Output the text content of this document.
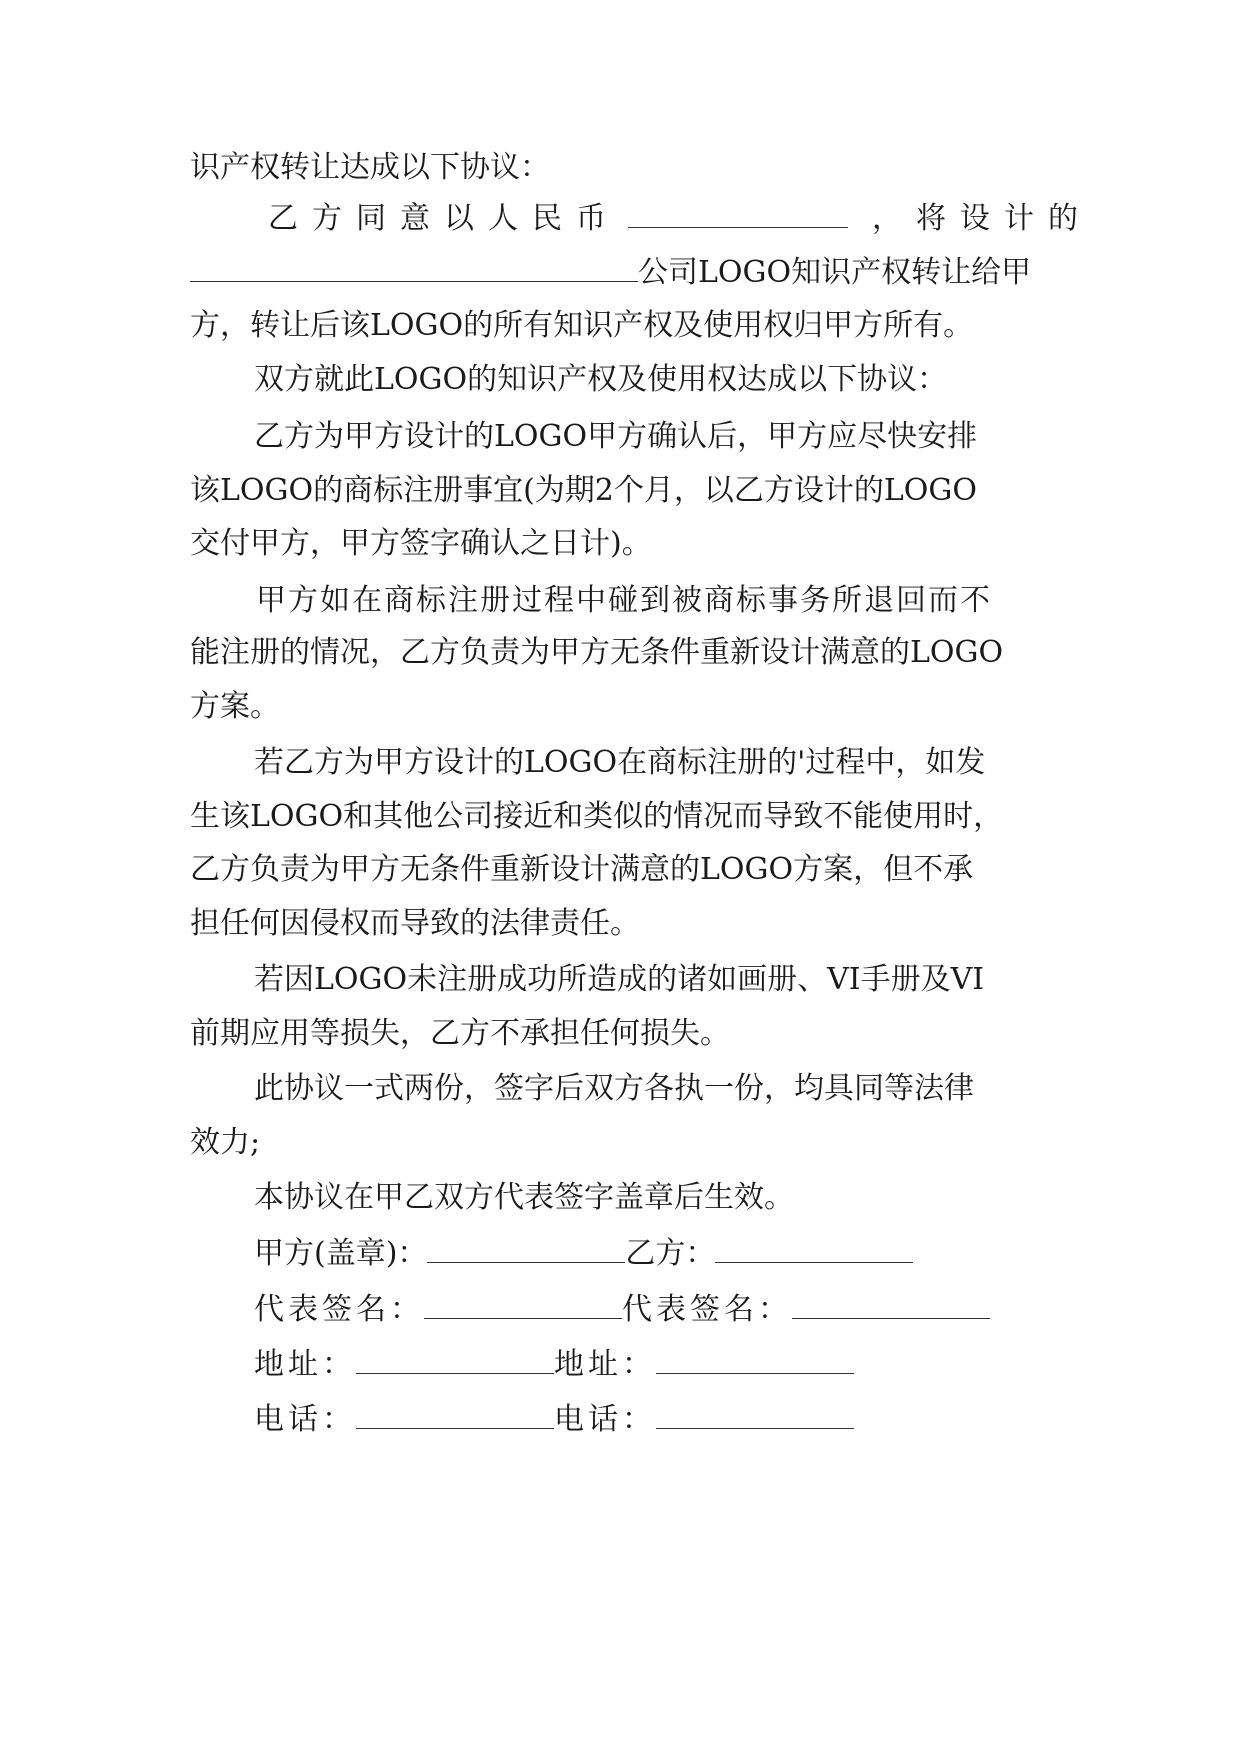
识产权转让达成以下协议：
乙方同意以人民币	，将设计的
公司LOGO知识产权转让给甲
方，转让后该LOGO的所有知识产权及使用权归甲方所有。
双方就此LOGO的知识产权及使用权达成以下协议：
乙方为甲方设计的LOGO甲方确认后，甲方应尽快安排
该LOGO的商标注册事宜(为期2个月，以乙方设计的LOGO
交付甲方，甲方签字确认之日计)。
甲方如在商标注册过程中碰到被商标事务所退回而不
能注册的情况，乙方负责为甲方无条件重新设计满意的LOGO
方案。
若乙方为甲方设计的LOGO在商标注册的'过程中，如发
生该LOGO和其他公司接近和类似的情况而导致不能使用时，
乙方负责为甲方无条件重新设计满意的LOGO方案，但不承
担任何因侵权而导致的法律责任。
若因LOGO未注册成功所造成的诸如画册、VI手册及VI
前期应用等损失，乙方不承担任何损失。
此协议一式两份，签字后双方各执一份，均具同等法律
效力;
本协议在甲乙双方代表签字盖章后生效。
甲方(盖章)：	乙方：
代表签名：	代表签名：
地址：	地址：
电话：	电话：
